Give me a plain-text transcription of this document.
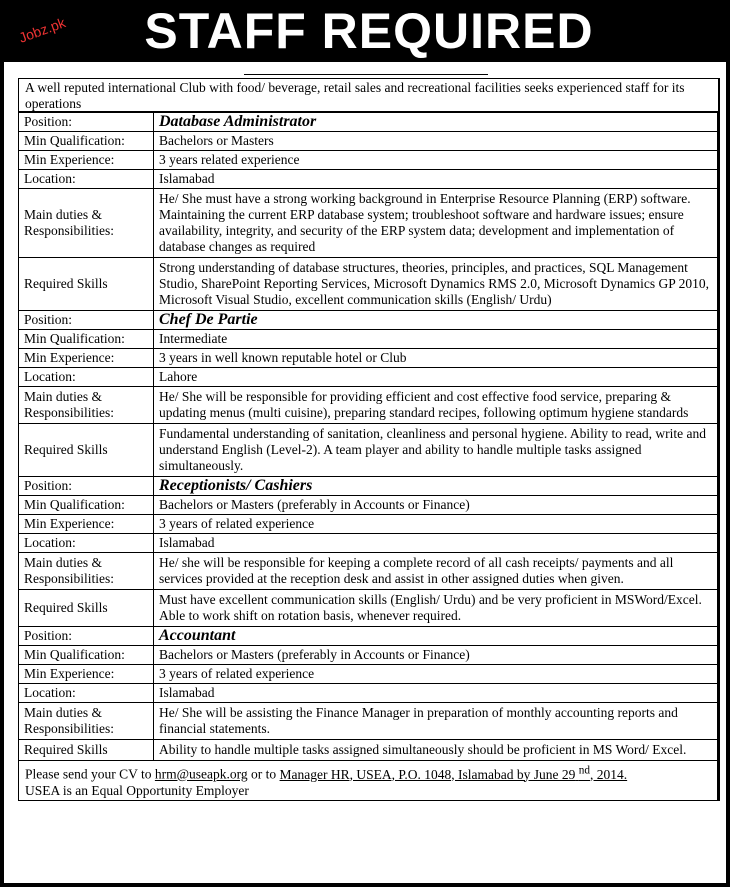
STAFF REQUIRED
Jobz.pk
A well reputed international Club with food/ beverage, retail sales and recreational facilities seeks experienced staff for its operations
Position:	Database Administrator
Min Qualification:	Bachelors or Masters
Min Experience:	3 years related experience
Location:	Islamabad
Main duties & Responsibilities:	He/ She must have a strong working background in Enterprise Resource Planning (ERP) software. Maintaining the current ERP database system; troubleshoot software and hardware issues; ensure availability, integrity, and security of the ERP system data; development and implementation of database changes as required
Required Skills	Strong understanding of database structures, theories, principles, and practices, SQL Management Studio, SharePoint Reporting Services, Microsoft Dynamics RMS 2.0, Microsoft Dynamics GP 2010, Microsoft Visual Studio, excellent communication skills (English/ Urdu)
Position:	Chef De Partie
Min Qualification:	Intermediate
Min Experience:	3 years in well known reputable hotel or Club
Location:	Lahore
Main duties & Responsibilities:	He/ She will be responsible for providing efficient and cost effective food service, preparing & updating menus (multi cuisine), preparing standard recipes, following optimum hygiene standards
Required Skills	Fundamental understanding of sanitation, cleanliness and personal hygiene. Ability to read, write and understand English (Level-2). A team player and ability to handle multiple tasks assigned simultaneously.
Position:	Receptionists/ Cashiers
Min Qualification:	Bachelors or Masters (preferably in Accounts or Finance)
Min Experience:	3 years of related experience
Location:	Islamabad
Main duties & Responsibilities:	He/ she will be responsible for keeping a complete record of all cash receipts/ payments and all services provided at the reception desk and assist in other assigned duties when given.
Required Skills	Must have excellent communication skills (English/ Urdu) and be very proficient in MSWord/Excel. Able to work shift on rotation basis, whenever required.
Position:	Accountant
Min Qualification:	Bachelors or Masters (preferably in Accounts or Finance)
Min Experience:	3 years of related experience
Location:	Islamabad
Main duties & Responsibilities:	He/ She will be assisting the Finance Manager in preparation of monthly accounting reports and financial statements.
Required Skills	Ability to handle multiple tasks assigned simultaneously should be proficient in MS Word/ Excel.
Please send your CV to hrm@useapk.org or to Manager HR, USEA, P.O. 1048, Islamabad by June 29 $^{nd}$, 2014.
USEA is an Equal Opportunity Employer
